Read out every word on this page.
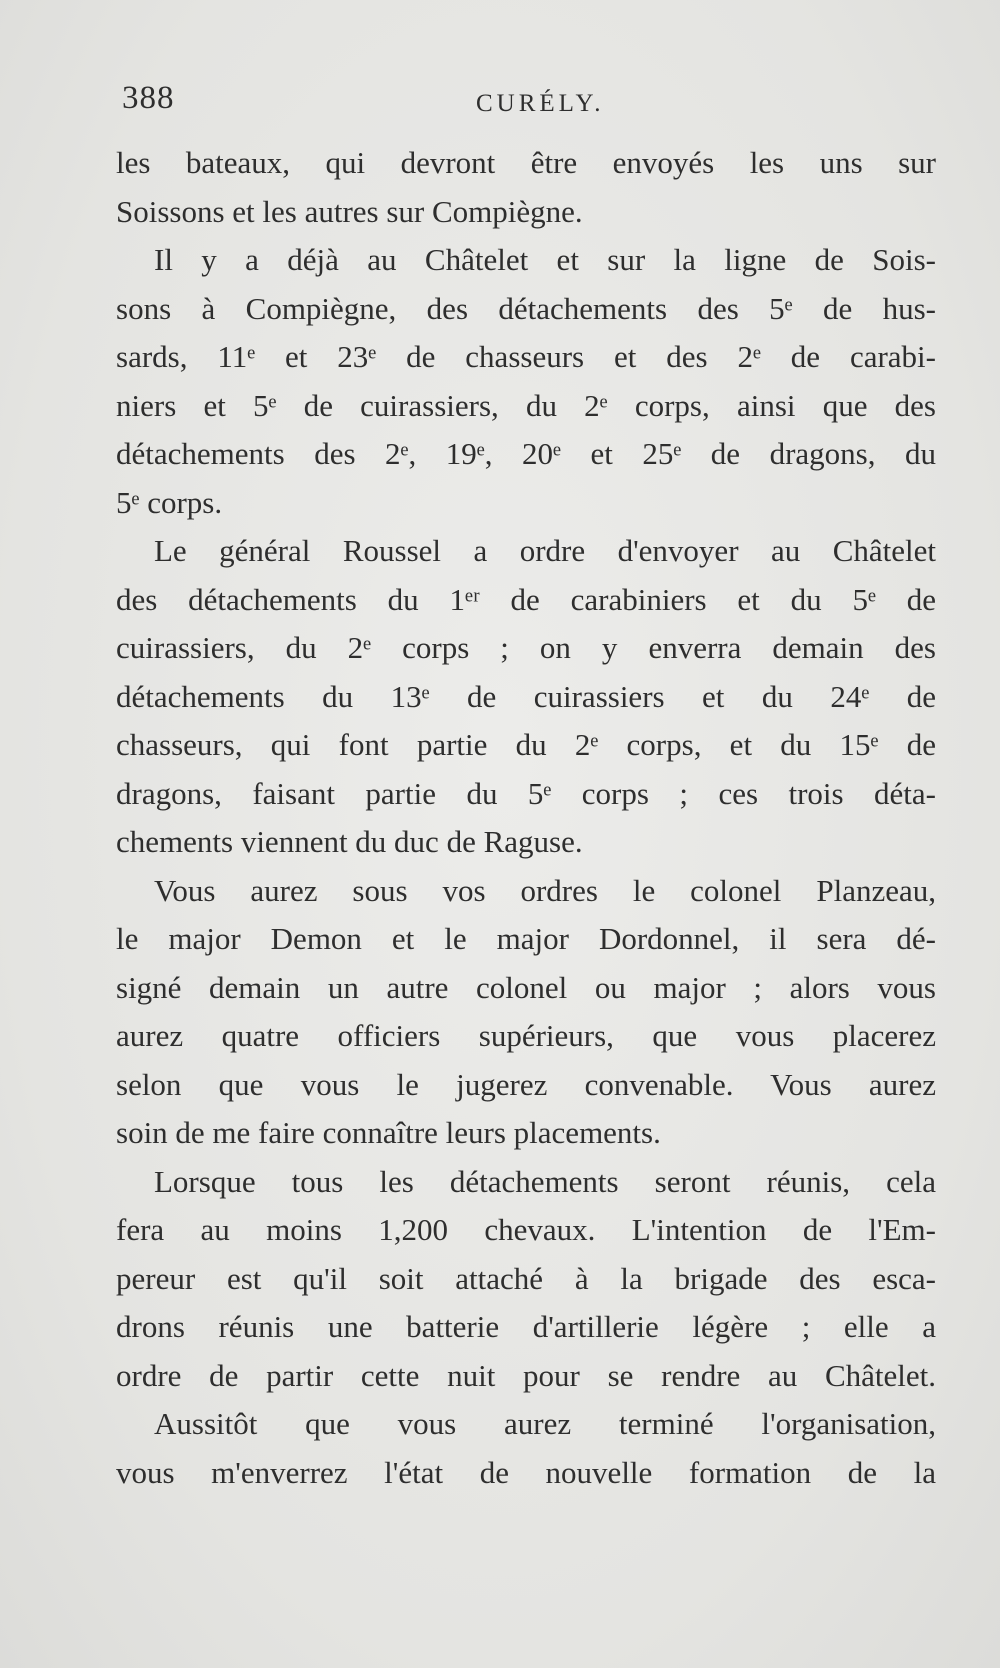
388	CURÉLY.

les bateaux, qui devront être envoyés les uns sur
Soissons et les autres sur Compiègne.

Il y a déjà au Châtelet et sur la ligne de Sois-
sons à Compiègne, des détachements des 5ᵉ de hus-
sards, 11ᵉ et 23ᵉ de chasseurs et des 2ᵉ de carabi-
niers et 5ᵉ de cuirassiers, du 2ᵉ corps, ainsi que des
détachements des 2ᵉ, 19ᵉ, 20ᵉ et 25ᵉ de dragons, du
5ᵉ corps.

Le général Roussel a ordre d'envoyer au Châtelet
des détachements du 1ᵉʳ de carabiniers et du 5ᵉ de
cuirassiers, du 2ᵉ corps ; on y enverra demain des
détachements du 13ᵉ de cuirassiers et du 24ᵉ de
chasseurs, qui font partie du 2ᵉ corps, et du 15ᵉ de
dragons, faisant partie du 5ᵉ corps ; ces trois déta-
chements viennent du duc de Raguse.

Vous aurez sous vos ordres le colonel Planzeau,
le major Demon et le major Dordonnel, il sera dé-
signé demain un autre colonel ou major ; alors vous
aurez quatre officiers supérieurs, que vous placerez
selon que vous le jugerez convenable. Vous aurez
soin de me faire connaître leurs placements.

Lorsque tous les détachements seront réunis, cela
fera au moins 1,200 chevaux. L'intention de l'Em-
pereur est qu'il soit attaché à la brigade des esca-
drons réunis une batterie d'artillerie légère ; elle a
ordre de partir cette nuit pour se rendre au Châtelet.

Aussitôt que vous aurez terminé l'organisation,
vous m'enverrez l'état de nouvelle formation de la
